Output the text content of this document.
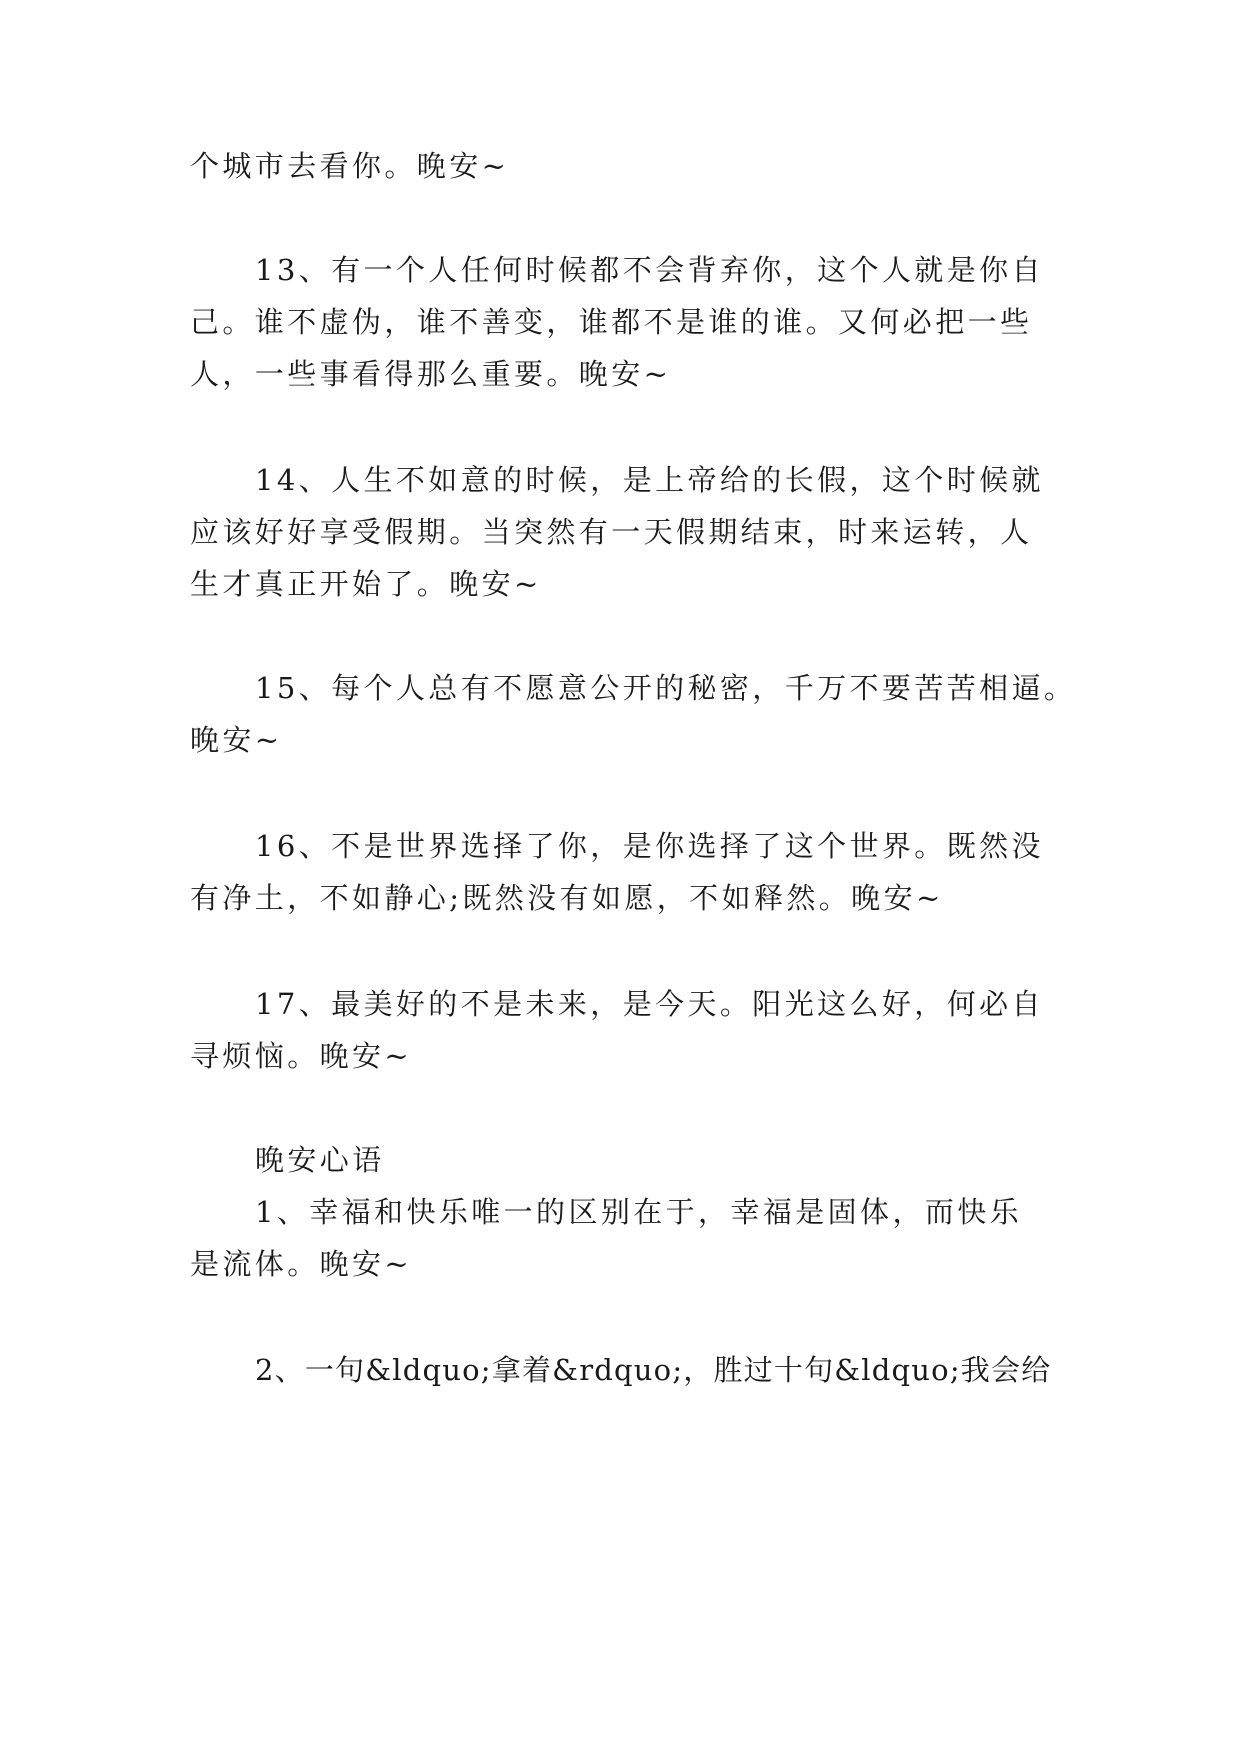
个城市去看你。晚安~
13、有一个人任何时候都不会背弃你，这个人就是你自
己。谁不虚伪，谁不善变，谁都不是谁的谁。又何必把一些
人，一些事看得那么重要。晚安~
14、人生不如意的时候，是上帝给的长假，这个时候就
应该好好享受假期。当突然有一天假期结束，时来运转，人
生才真正开始了。晚安~
15、每个人总有不愿意公开的秘密，千万不要苦苦相逼。
晚安~
16、不是世界选择了你，是你选择了这个世界。既然没
有净土，不如静心;既然没有如愿，不如释然。晚安~
17、最美好的不是未来，是今天。阳光这么好，何必自
寻烦恼。晚安~
晚安心语
1、幸福和快乐唯一的区别在于，幸福是固体，而快乐
是流体。晚安~
2、一句&ldquo;拿着&rdquo;，胜过十句&ldquo;我会给
